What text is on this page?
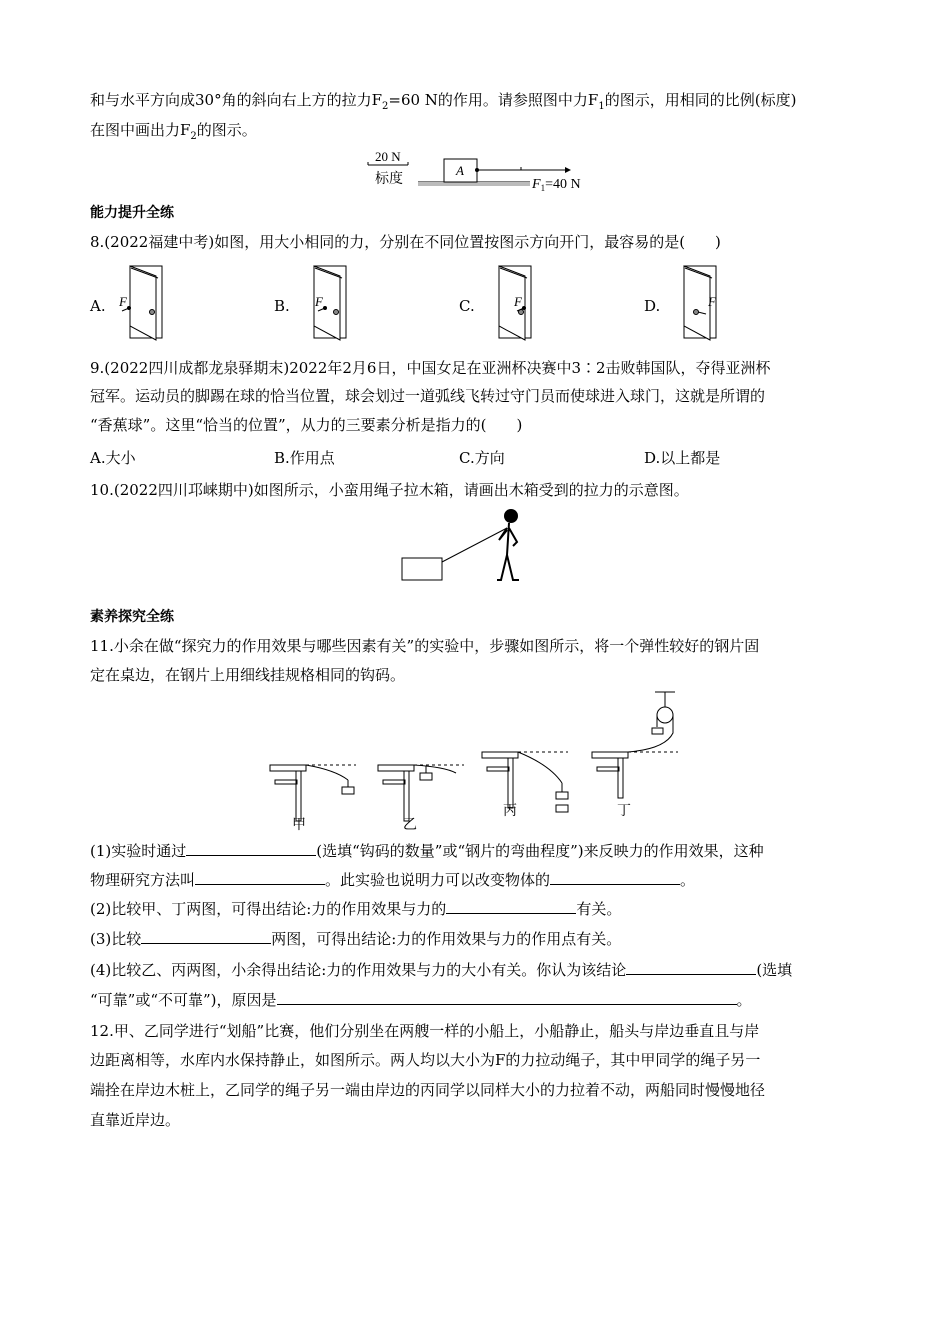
和与水平方向成30°角的斜向右上方的拉力$F_2=60$ N的作用。请参照图中力$F_1$的图示，用相同的比例(标度)
在图中画出力$F_2$的图示。
20 N
标度
A
$F_1=40$ N
能力提升全练
8.(2022福建中考)如图，用大小相同的力，分别在不同位置按图示方向开门，最容易的是(　　)
A. F	B. F	C.	F	D.	F
9.(2022四川成都龙泉驿期末)2022年2月6日，中国女足在亚洲杯决赛中3∶2击败韩国队，夺得亚洲杯
冠军。运动员的脚踢在球的恰当位置，球会划过一道弧线飞转过守门员而使球进入球门，这就是所谓的
“香蕉球”。这里“恰当的位置”，从力的三要素分析是指力的(　　)
A.大小	B.作用点	C.方向	D.以上都是
10.(2022四川邛崃期中)如图所示，小蛮用绳子拉木箱，请画出木箱受到的拉力的示意图。
素养探究全练
11.小余在做“探究力的作用效果与哪些因素有关”的实验中，步骤如图所示，将一个弹性较好的钢片固
定在桌边，在钢片上用细线挂规格相同的钩码。
甲	乙
丙	丁
(1)实验时通过	(选填“钩码的数量”或“钢片的弯曲程度”)来反映力的作用效果，这种
物理研究方法叫	。此实验也说明力可以改变物体的	。
(2)比较甲、丁两图，可得出结论:力的作用效果与力的	有关。
(3)比较	两图，可得出结论:力的作用效果与力的作用点有关。
(4)比较乙、丙两图，小余得出结论:力的作用效果与力的大小有关。你认为该结论	(选填
“可靠”或“不可靠”)，原因是	。
12.甲、乙同学进行“划船”比赛，他们分别坐在两艘一样的小船上，小船静止，船头与岸边垂直且与岸
边距离相等，水库内水保持静止，如图所示。两人均以大小为F的力拉动绳子，其中甲同学的绳子另一
端拴在岸边木桩上，乙同学的绳子另一端由岸边的丙同学以同样大小的力拉着不动，两船同时慢慢地径
直靠近岸边。
